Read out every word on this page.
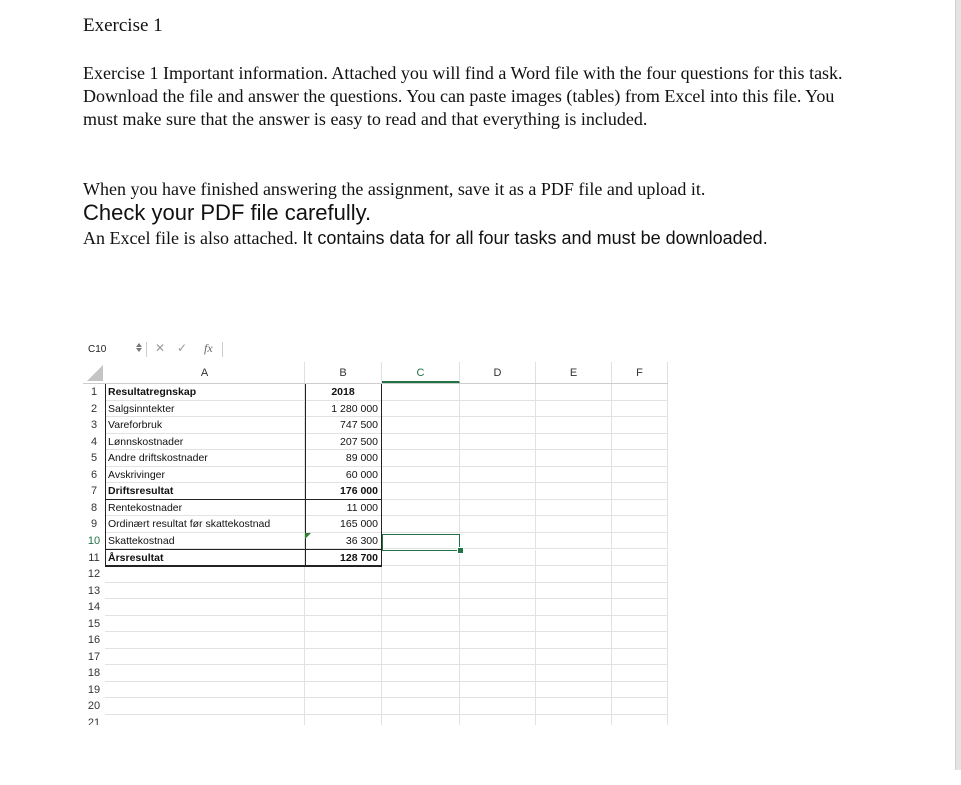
Exercise 1

Exercise 1 Important information. Attached you will find a Word file with the four questions for this task. Download the file and answer the questions. You can paste images (tables) from Excel into this file. You must make sure that the answer is easy to read and that everything is included.

When you have finished answering the assignment, save it as a PDF file and upload it.

Check your PDF file carefully.

An Excel file is also attached. It contains data for all four tasks and must be downloaded.

C10	✕ ✓ fx
A	B	C	D	E	F
1	Resultatregnskap	2018
2	Salgsinntekter	1 280 000
3	Vareforbruk	747 500
4	Lønnskostnader	207 500
5	Andre driftskostnader	89 000
6	Avskrivinger	60 000
7	Driftsresultat	176 000
8	Rentekostnader	11 000
9	Ordinært resultat før skattekostnad	165 000
10 Skattekostnad	36 300
11 Årsresultat	128 700
12
13
14
15
16
17
18
19
20
21
